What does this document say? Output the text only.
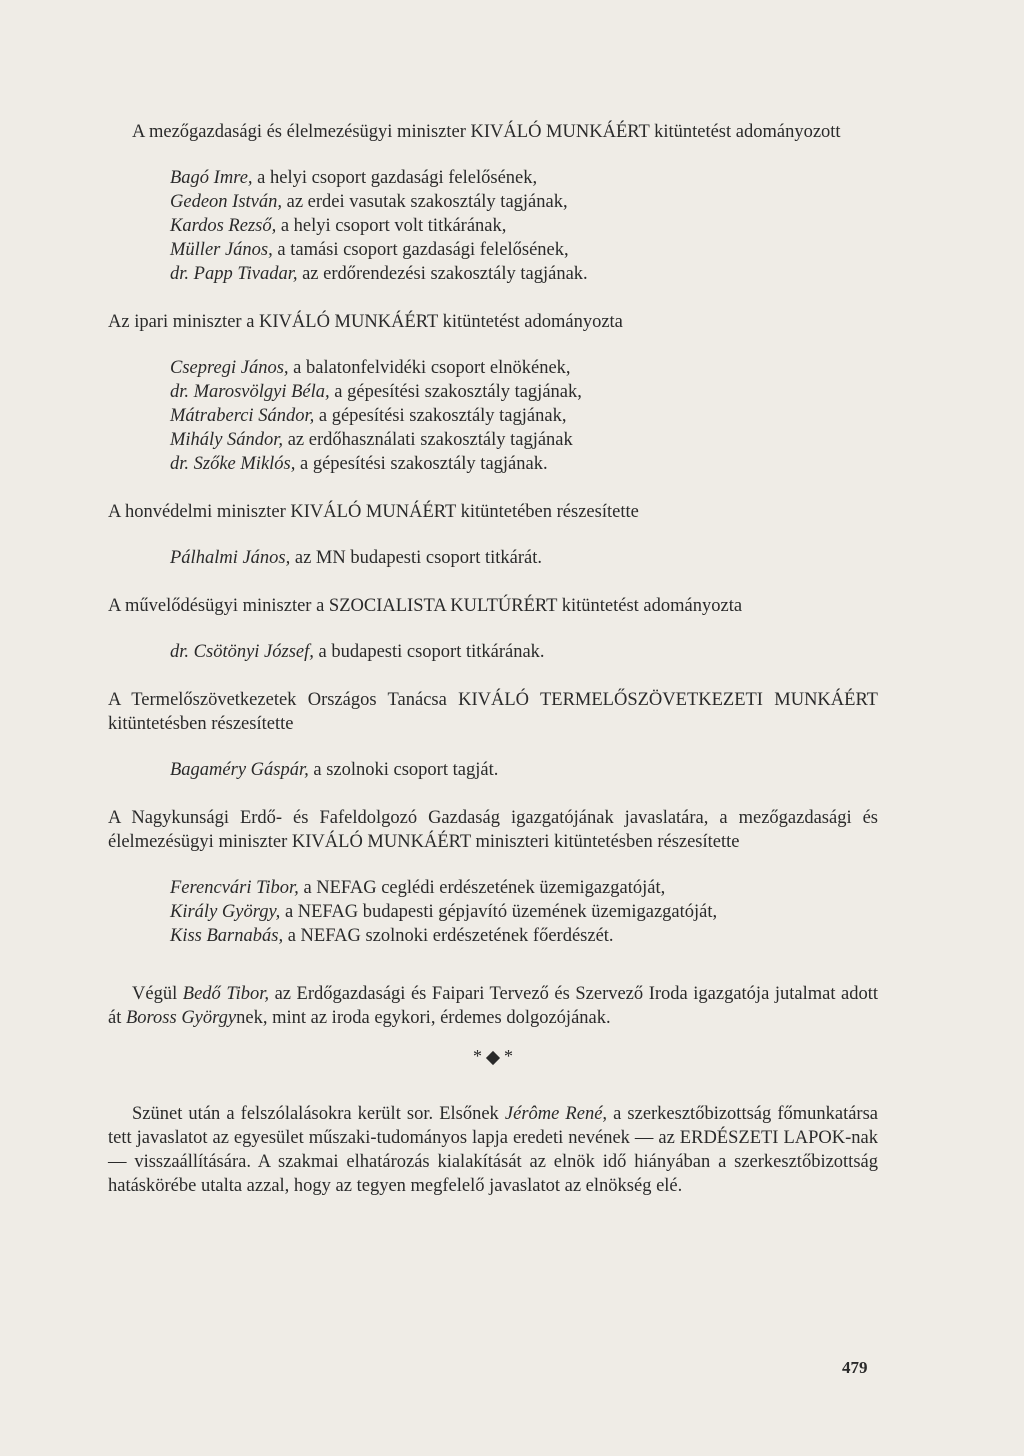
A mezőgazdasági és élelmezésügyi miniszter KIVÁLÓ MUNKÁÉRT kitüntetést adományozott

Bagó Imre, a helyi csoport gazdasági felelősének,
Gedeon István, az erdei vasutak szakosztály tagjának,
Kardos Rezső, a helyi csoport volt titkárának,
Müller János, a tamási csoport gazdasági felelősének,
dr. Papp Tivadar, az erdőrendezési szakosztály tagjának.

Az ipari miniszter a KIVÁLÓ MUNKÁÉRT kitüntetést adományozta

Csepregi János, a balatonfelvidéki csoport elnökének,
dr. Marosvölgyi Béla, a gépesítési szakosztály tagjának,
Mátraberci Sándor, a gépesítési szakosztály tagjának,
Mihály Sándor, az erdőhasználati szakosztály tagjának
dr. Szőke Miklós, a gépesítési szakosztály tagjának.

A honvédelmi miniszter KIVÁLÓ MUNÁÉRT kitüntetében részesítette

Pálhalmi János, az MN budapesti csoport titkárát.

A művelődésügyi miniszter a SZOCIALISTA KULTÚRÉRT kitüntetést adományozta

dr. Csötönyi József, a budapesti csoport titkárának.

A Termelőszövetkezetek Országos Tanácsa KIVÁLÓ TERMELŐSZÖVETKEZETI MUNKÁÉRT kitüntetésben részesítette

Bagaméry Gáspár, a szolnoki csoport tagját.

A Nagykunsági Erdő- és Fafeldolgozó Gazdaság igazgatójának javaslatára, a mezőgazdasági és élelmezésügyi miniszter KIVÁLÓ MUNKÁÉRT miniszteri kitüntetésben részesítette

Ferencvári Tibor, a NEFAG ceglédi erdészetének üzemigazgatóját,
Király György, a NEFAG budapesti gépjavító üzemének üzemigazgatóját,
Kiss Barnabás, a NEFAG szolnoki erdészetének főerdészét.

Végül Bedő Tibor, az Erdőgazdasági és Faipari Tervező és Szervező Iroda igazgatója jutalmat adott át Boross Györgynek, mint az iroda egykori, érdemes dolgozójának.

* *

Szünet után a felszólalásokra került sor. Elsőnek Jérôme René, a szerkesztőbizottság főmunkatársa tett javaslatot az egyesület műszaki-tudományos lapja eredeti nevének — az ERDÉSZETI LAPOK-nak — visszaállítására. A szakmai elhatározás kialakítását az elnök idő hiányában a szerkesztőbizottság hatáskörébe utalta azzal, hogy az tegyen megfelelő javaslatot az elnökség elé.

479
